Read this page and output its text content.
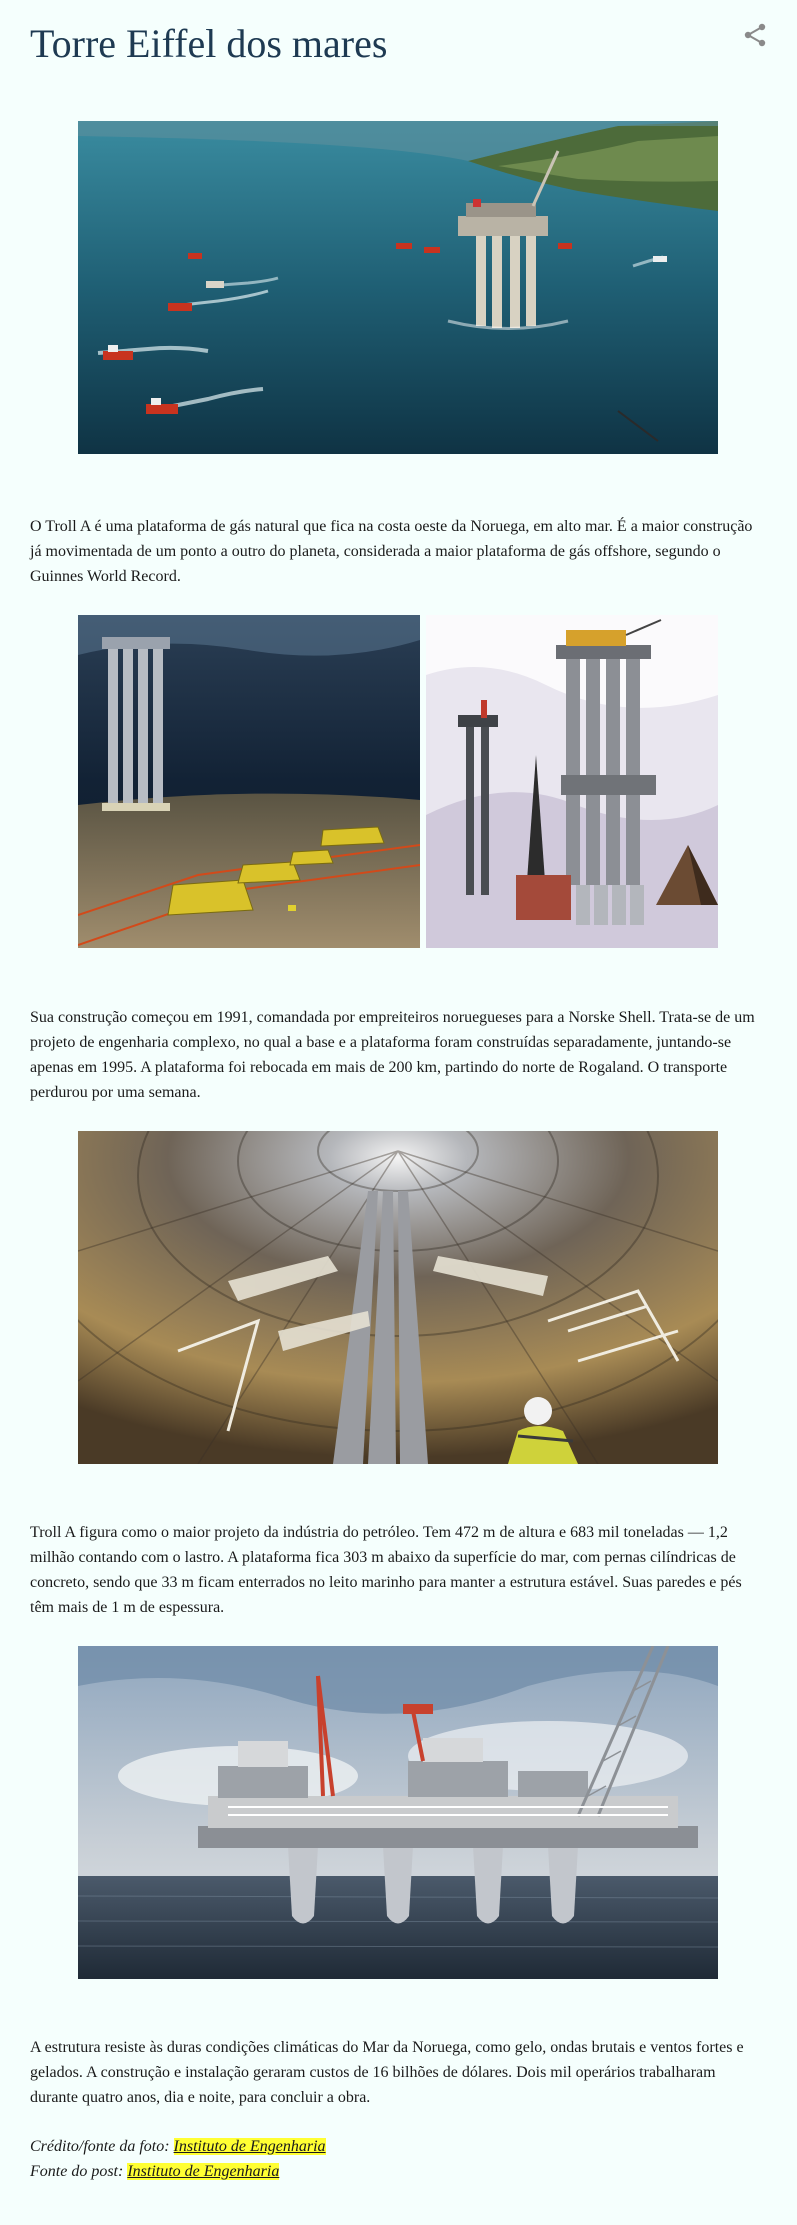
Torre Eiffel dos mares

O Troll A é uma plataforma de gás natural que fica na costa oeste da Noruega, em alto mar. É a maior construção já movimentada de um ponto a outro do planeta, considerada a maior plataforma de gás offshore, segundo o Guinnes World Record.

Sua construção começou em 1991, comandada por empreiteiros noruegueses para a Norske Shell. Trata-se de um projeto de engenharia complexo, no qual a base e a plataforma foram construídas separadamente, juntando-se apenas em 1995. A plataforma foi rebocada em mais de 200 km, partindo do norte de Rogaland. O transporte perdurou por uma semana.

Troll A figura como o maior projeto da indústria do petróleo. Tem 472 m de altura e 683 mil toneladas — 1,2 milhão contando com o lastro. A plataforma fica 303 m abaixo da superfície do mar, com pernas cilíndricas de concreto, sendo que 33 m ficam enterrados no leito marinho para manter a estrutura estável. Suas paredes e pés têm mais de 1 m de espessura.

A estrutura resiste às duras condições climáticas do Mar da Noruega, como gelo, ondas brutais e ventos fortes e gelados. A construção e instalação geraram custos de 16 bilhões de dólares. Dois mil operários trabalharam durante quatro anos, dia e noite, para concluir a obra.

Crédito/fonte da foto: Instituto de Engenharia

Fonte do post: Instituto de Engenharia
